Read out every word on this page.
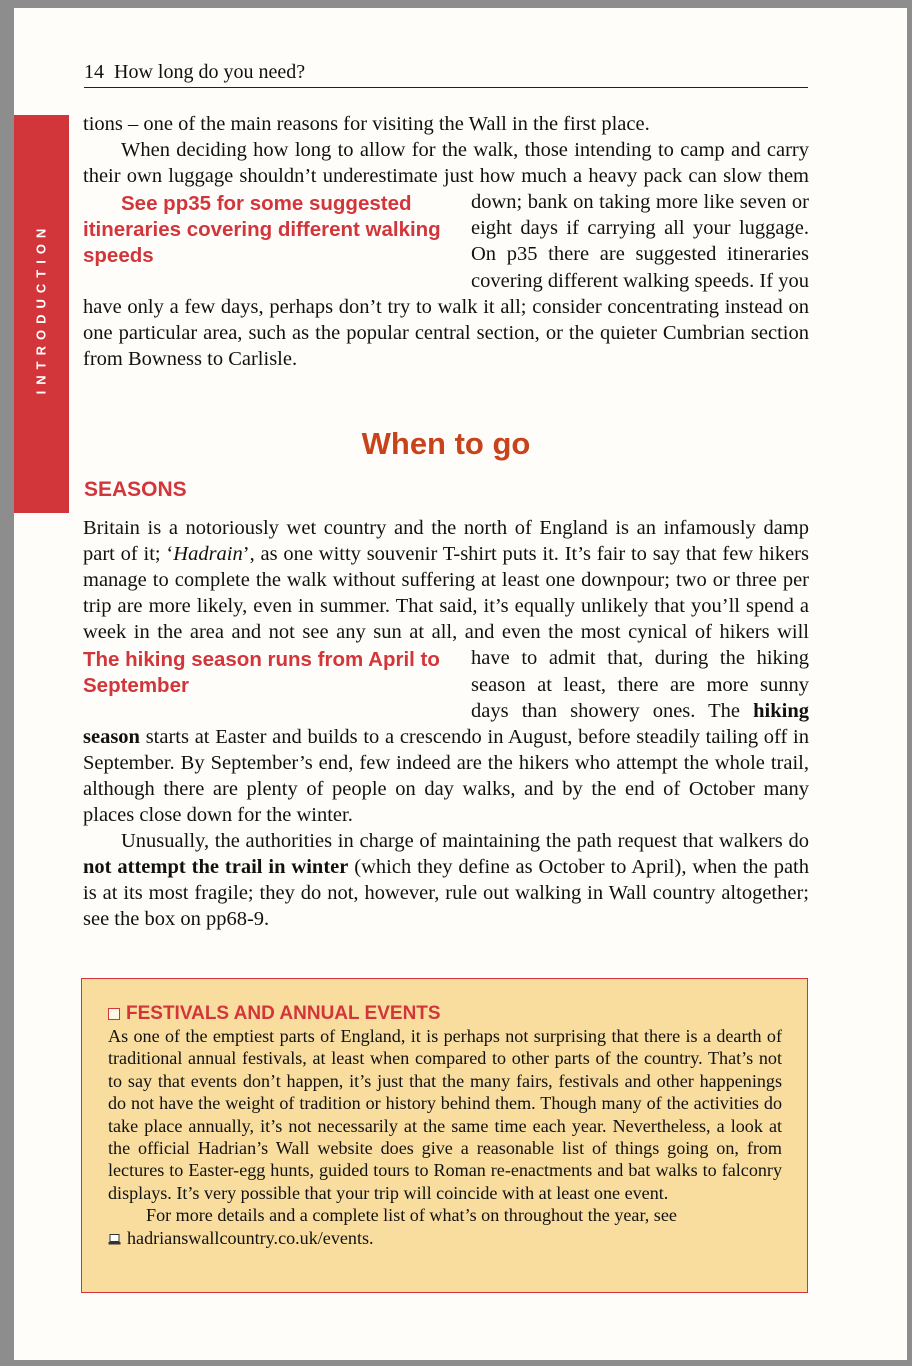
INTRODUCTION
14 How long do you need?

tions – one of the main reasons for visiting the Wall in the first place.

When deciding how long to allow for the walk, those intending to camp and carry their own luggage shouldn’t underestimate just how much a heavy pack
See pp35 for some suggested itineraries covering different walking speeds
can slow them down; bank on taking more like seven or eight days if carrying all your luggage. On p35 there are suggested itineraries covering different walking speeds. If you have only a few days, perhaps don’t try to walk it all; consider concentrating instead on one particular area, such as the popular central section, or the quieter Cumbrian section from Bowness to Carlisle.

When to go
SEASONS

Britain is a notoriously wet country and the north of England is an infamously damp part of it; ‘Hadrain’, as one witty souvenir T-shirt puts it. It’s fair to say that few hikers manage to complete the walk without suffering at least one downpour; two or three per trip are more likely, even in summer. That said, it’s equally unlikely that you’ll spend a week in the area and not see any sun at all, and even the most cynical of hikers will have to admit that, during the hiking
The hiking season runs from April to September	season at least, there are more sunny days than showery ones. The hiking season starts at Easter and builds to a crescendo in August, before steadily tailing off in September. By September’s end, few indeed are the hikers who attempt the whole trail, although there are plenty of people on day walks, and by the end of October many places close down for the winter.

Unusually, the authorities in charge of maintaining the path request that walkers do not attempt the trail in winter (which they define as October to April), when the path is at its most fragile; they do not, however, rule out walking in Wall country altogether; see the box on pp68-9.

FESTIVALS AND ANNUAL EVENTS

As one of the emptiest parts of England, it is perhaps not surprising that there is a dearth of traditional annual festivals, at least when compared to other parts of the country. That’s not to say that events don’t happen, it’s just that the many fairs, festivals and other happenings do not have the weight of tradition or history behind them. Though many of the activities do take place annually, it’s not necessarily at the same time each year. Nevertheless, a look at the official Hadrian’s Wall website does give a reasonable list of things going on, from lectures to Easter-egg hunts, guided tours to Roman re-enactments and bat walks to falconry displays. It’s very possible that your trip will coincide with at least one event.

For more details and a complete list of what’s on throughout the year, see

hadrianswallcountry.co.uk/events.
